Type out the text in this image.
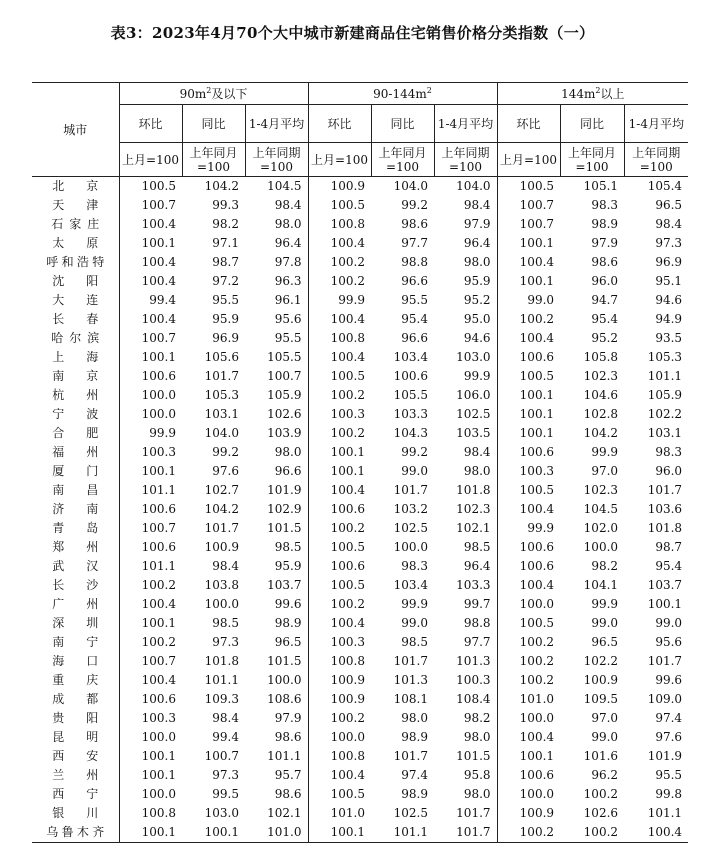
表3：2023年4月70个大中城市新建商品住宅销售价格分类指数（一）
城市	$90m^2$及以下			$90-144m^2$			$144m^2$以上		
	环比	同比	1-4月平均	环比	同比	1-4月平均	环比	同比	1-4月平均
	上月=100	上年同月=100	上年同期=100	上月=100	上年同月=100	上年同期=100	上月=100	上年同月=100	上年同期=100
北京	100.5	104.2	104.5	100.9	104.0	104.0	100.5	105.1	105.4
天津	100.7	99.3	98.4	100.5	99.2	98.4	100.7	98.3	96.5
石家庄	100.4	98.2	98.0	100.8	98.6	97.9	100.7	98.9	98.4
太原	100.1	97.1	96.4	100.4	97.7	96.4	100.1	97.9	97.3
呼和浩特	100.4	98.7	97.8	100.2	98.8	98.0	100.4	98.6	96.9
沈阳	100.4	97.2	96.3	100.2	96.6	95.9	100.1	96.0	95.1
大连	99.4	95.5	96.1	99.9	95.5	95.2	99.0	94.7	94.6
长春	100.4	95.9	95.6	100.4	95.4	95.0	100.2	95.4	94.9
哈尔滨	100.7	96.9	95.5	100.8	96.6	94.6	100.4	95.2	93.5
上海	100.1	105.6	105.5	100.4	103.4	103.0	100.6	105.8	105.3
南京	100.6	101.7	100.7	100.5	100.6	99.9	100.5	102.3	101.1
杭州	100.0	105.3	105.9	100.2	105.5	106.0	100.1	104.6	105.9
宁波	100.0	103.1	102.6	100.3	103.3	102.5	100.1	102.8	102.2
合肥	99.9	104.0	103.9	100.2	104.3	103.5	100.1	104.2	103.1
福州	100.3	99.2	98.0	100.1	99.2	98.4	100.6	99.9	98.3
厦门	100.1	97.6	96.6	100.1	99.0	98.0	100.3	97.0	96.0
南昌	101.1	102.7	101.9	100.4	101.7	101.8	100.5	102.3	101.7
济南	100.6	104.2	102.9	100.6	103.2	102.3	100.4	104.5	103.6
青岛	100.7	101.7	101.5	100.2	102.5	102.1	99.9	102.0	101.8
郑州	100.6	100.9	98.5	100.5	100.0	98.5	100.6	100.0	98.7
武汉	101.1	98.4	95.9	100.6	98.3	96.4	100.6	98.2	95.4
长沙	100.2	103.8	103.7	100.5	103.4	103.3	100.4	104.1	103.7
广州	100.4	100.0	99.6	100.2	99.9	99.7	100.0	99.9	100.1
深圳	100.1	98.5	98.9	100.4	99.0	98.8	100.5	99.0	99.0
南宁	100.2	97.3	96.5	100.3	98.5	97.7	100.2	96.5	95.6
海口	100.7	101.8	101.5	100.8	101.7	101.3	100.2	102.2	101.7
重庆	100.4	101.1	100.0	100.9	101.3	100.3	100.2	100.9	99.6
成都	100.6	109.3	108.6	100.9	108.1	108.4	101.0	109.5	109.0
贵阳	100.3	98.4	97.9	100.2	98.0	98.2	100.0	97.0	97.4
昆明	100.0	99.4	98.6	100.0	98.9	98.0	100.4	99.0	97.6
西安	100.1	100.7	101.1	100.8	101.7	101.5	100.1	101.6	101.9
兰州	100.1	97.3	95.7	100.4	97.4	95.8	100.6	96.2	95.5
西宁	100.0	99.5	98.6	100.5	98.9	98.0	100.0	100.2	99.8
银川	100.8	103.0	102.1	101.0	102.5	101.7	100.9	102.6	101.1
乌鲁木齐	100.1	100.1	101.0	100.1	101.1	101.7	100.2	100.2	100.4
